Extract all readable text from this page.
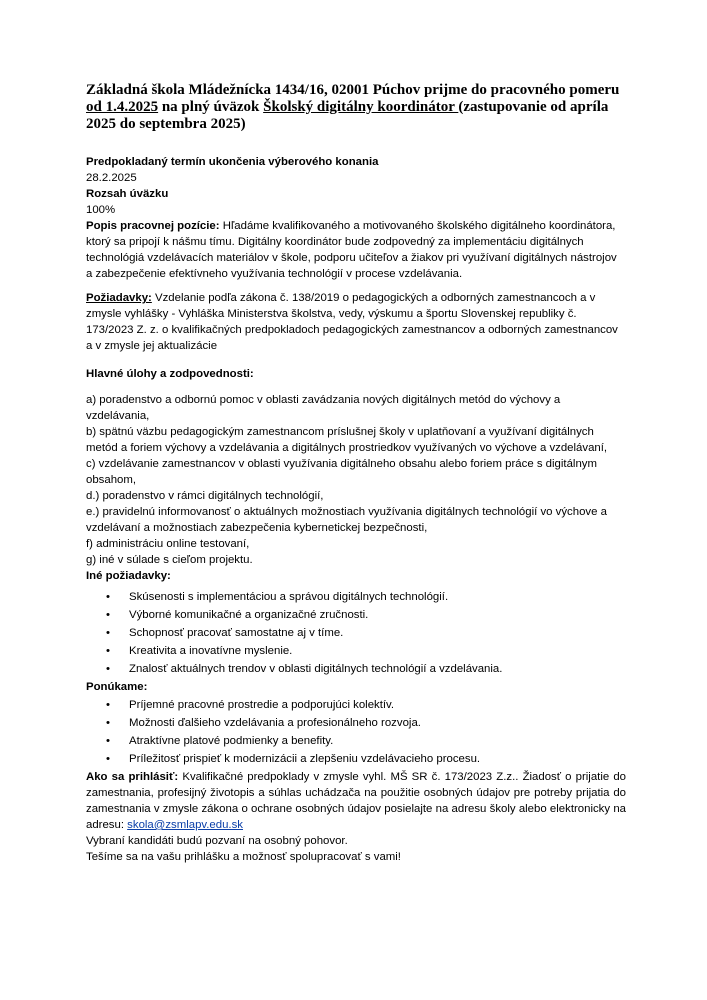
Základná škola Mládežnícka 1434/16, 02001 Púchov prijme do pracovného pomeru od 1.4.2025 na plný úväzok Školský digitálny koordinátor (zastupovanie od apríla 2025 do septembra 2025)

Predpokladaný termín ukončenia výberového konania

28.2.2025

Rozsah úväzku

100%

Popis pracovnej pozície: Hľadáme kvalifikovaného a motivovaného školského digitálneho koordinátora, ktorý sa pripojí k nášmu tímu. Digitálny koordinátor bude zodpovedný za implementáciu digitálnych technológiá vzdelávacích materiálov v škole, podporu učiteľov a žiakov pri využívaní digitálnych nástrojov a zabezpečenie efektívneho využívania technológií v procese vzdelávania.

Požiadavky: Vzdelanie podľa zákona č. 138/2019 o pedagogických a odborných zamestnancoch a v zmysle vyhlášky - Vyhláška Ministerstva školstva, vedy, výskumu a športu Slovenskej republiky č. 173/2023 Z. z. o kvalifikačných predpokladoch pedagogických zamestnancov a odborných zamestnancov a v zmysle jej aktualizácie

Hlavné úlohy a zodpovednosti:

a) poradenstvo a odbornú pomoc v oblasti zavádzania nových digitálnych metód do výchovy a vzdelávania,

b) spätnú väzbu pedagogickým zamestnancom príslušnej školy v uplatňovaní a využívaní digitálnych metód a foriem výchovy a vzdelávania a digitálnych prostriedkov využívaných vo výchove a vzdelávaní,

c) vzdelávanie zamestnancov v oblasti využívania digitálneho obsahu alebo foriem práce s digitálnym obsahom,

d.) poradenstvo v rámci digitálnych technológií,

e.) pravidelnú informovanosť o aktuálnych možnostiach využívania digitálnych technológií vo výchove a vzdelávaní a možnostiach zabezpečenia kybernetickej bezpečnosti,

f) administráciu online testovaní,

g) iné v súlade s cieľom projektu.

Iné požiadavky:

• Skúsenosti s implementáciou a správou digitálnych technológií.
• Výborné komunikačné a organizačné zručnosti.
• Schopnosť pracovať samostatne aj v tíme.
• Kreativita a inovatívne myslenie.
• Znalosť aktuálnych trendov v oblasti digitálnych technológií a vzdelávania.

Ponúkame:

• Príjemné pracovné prostredie a podporujúci kolektív.
• Možnosti ďalšieho vzdelávania a profesionálneho rozvoja.
• Atraktívne platové podmienky a benefity.
• Príležitosť prispieť k modernizácii a zlepšeniu vzdelávacieho procesu.

Ako sa prihlásiť: Kvalifikačné predpoklady v zmysle vyhl. MŠ SR č. 173/2023 Z.z.. Žiadosť o prijatie do zamestnania, profesijný životopis a súhlas uchádzača na použitie osobných údajov pre potreby prijatia do zamestnania v zmysle zákona o ochrane osobných údajov posielajte na adresu školy alebo elektronicky na adresu: skola@zsmlapv.edu.sk

Vybraní kandidáti budú pozvaní na osobný pohovor.

Tešíme sa na vašu prihlášku a možnosť spolupracovať s vami!
